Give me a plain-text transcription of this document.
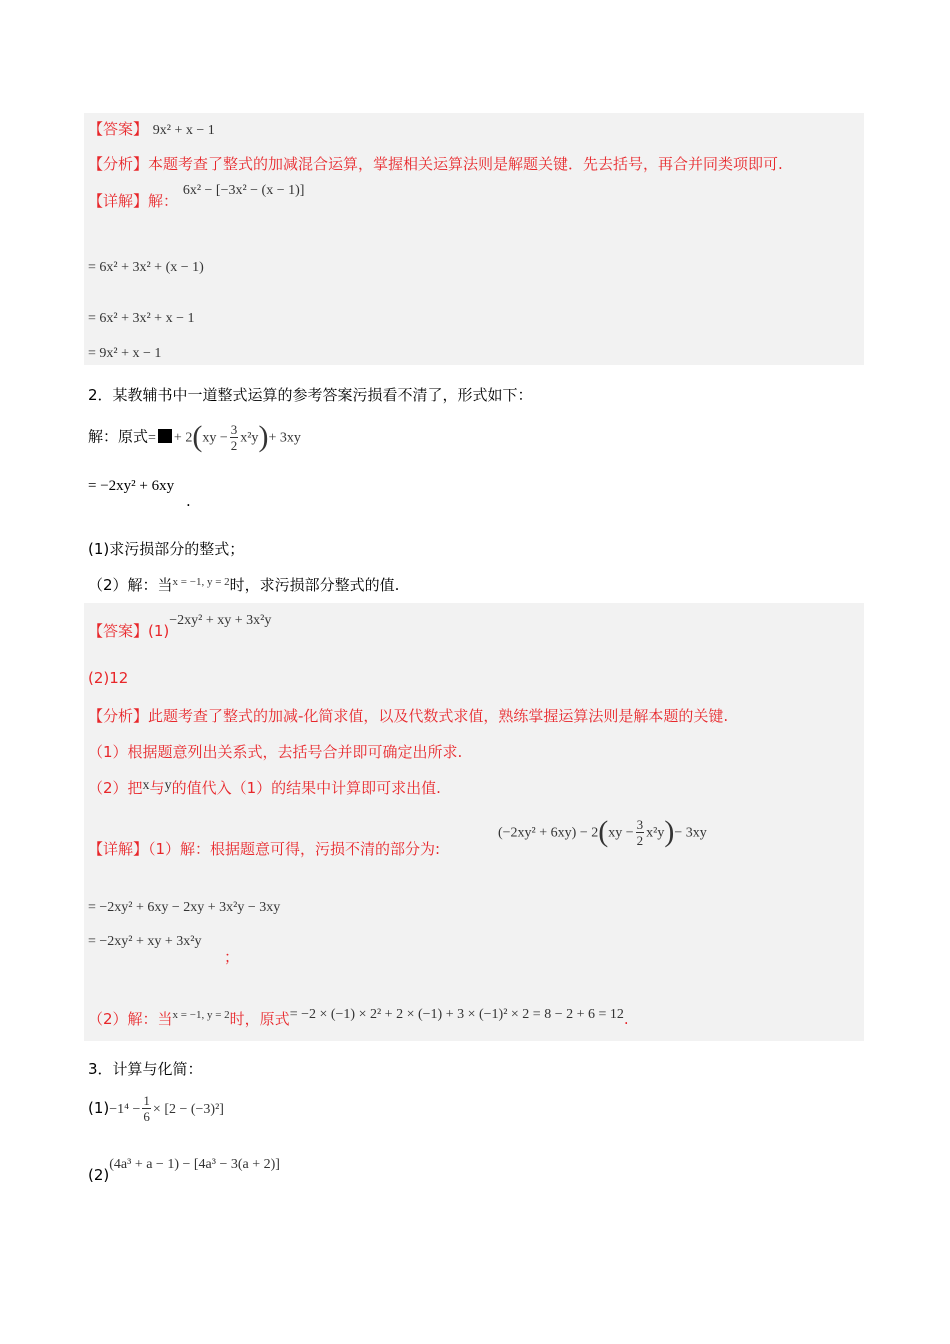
【答案】 9x² + x − 1
【分析】本题考查了整式的加减混合运算，掌握相关运算法则是解题关键．先去括号，再合并同类项即可.
【详解】解： 6x² − [−3x² − (x − 1)]
= 6x² + 3x² + (x − 1)
= 6x² + 3x² + x − 1
= 9x² + x − 1
2．某教辅书中一道整式运算的参考答案污损看不清了，形式如下：
解：原式= + $2(xy - \frac{3}{2} x^2y)+ 3xy$
= −2xy² + 6xy
.
(1)求污损部分的整式；
（2）解：当$^{x = -1, y = 2}$时，求污损部分整式的值.
【答案】(1)−2xy² + xy + 3x²y
(2)12
【分析】此题考查了整式的加减-化简求值，以及代数式求值，熟练掌握运算法则是解本题的关键.
（1）根据题意列出关系式，去括号合并即可确定出所求.
（2）把x与y的值代入（1）的结果中计算即可求出值.
【详解】（1）解：根据题意可得，污损不清的部分为:
$(-2xy^2 + 6xy) - 2(xy - \frac{3}{2} x^2y)- 3xy$
= −2xy² + 6xy − 2xy + 3x²y − 3xy
= −2xy² + xy + 3x²y
；
（2）解：当$^{x = -1, y = 2}$时，原式= −2 × (−1) × 2² + 2 × (−1) + 3 × (−1)² × 2 = 8 − 2 + 6 = 12.
3．计算与化简：
$(1)-1^4 - \frac{1}{6} \times [2 - (-3)^2]$
(2)(4a³ + a − 1) − [4a³ − 3(a + 2)]
